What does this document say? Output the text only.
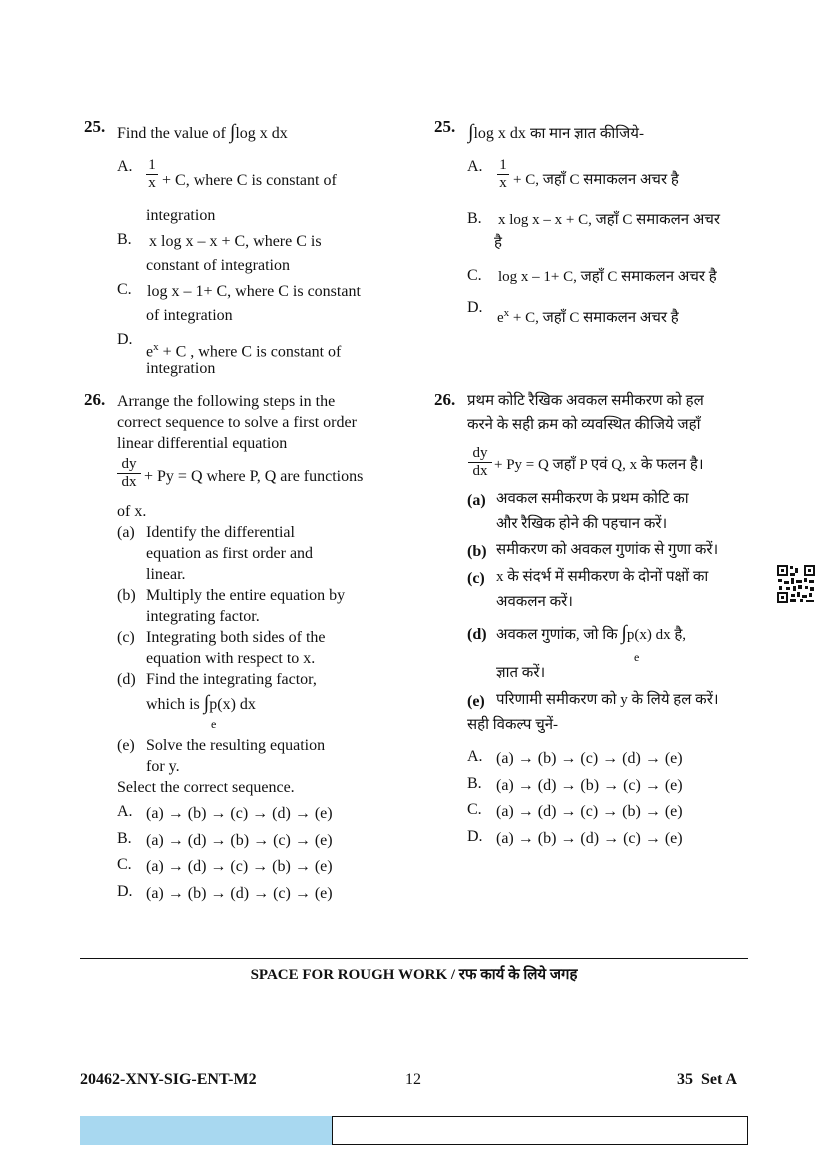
25. Find the value of ∫log x dx
A. $\frac{1}{x} + C$, where C is constant of
integration
B. x log x – x + C, where C is
constant of integration
C. log x – 1+ C, where C is constant
of integration
D.
$e^x + C$ , where C is constant of
integration
25. ∫log x dx का मान ज्ञात कीजिये-
A. $\frac{1}{x} + C$, जहाँ C समाकलन अचर है
B. x log x – x + C, जहाँ C समाकलन अचर
है
C. log x – 1+ C, जहाँ C समाकलन अचर है
D.
$e^x + C$, जहाँ C समाकलन अचर है
26. Arrange the following steps in the
correct sequence to solve a first order
linear differential equation
$\frac{dy}{dx} + Py = Q$ where P, Q are functions
of x.
(a) Identify the differential
equation as first order and
linear.
(b) Multiply the entire equation by
integrating factor.
(c) Integrating both sides of the
equation with respect to x.
(d) Find the integrating factor,
which is ∫p(x) dx
e
(e) Solve the resulting equation
for y.
Select the correct sequence.
A. (a) → (b) → (c) → (d) → (e)
B. (a) → (d) → (b) → (c) → (e)
C. (a) → (d) → (c) → (b) → (e)
D. (a) → (b) → (d) → (c) → (e)
26. प्रथम कोटि रैखिक अवकल समीकरण को हल
करने के सही क्रम को व्यवस्थित कीजिये जहाँ
$\frac{dy}{dx} + Py = Q$ जहाँ P एवं Q, x के फलन है।
(a) अवकल समीकरण के प्रथम कोटि का
और रैखिक होने की पहचान करें।
(b) समीकरण को अवकल गुणांक से गुणा करें।
(c) x के संदर्भ में समीकरण के दोनों पक्षों का
अवकलन करें।
(d) अवकल गुणांक, जो कि ∫p(x) dx है,
e
ज्ञात करें।
(e) परिणामी समीकरण को y के लिये हल करें।
सही विकल्प चुनें-
A. (a) → (b) → (c) → (d) → (e)
B. (a) → (d) → (b) → (c) → (e)
C. (a) → (d) → (c) → (b) → (e)
D. (a) → (b) → (d) → (c) → (e)
SPACE FOR ROUGH WORK / रफ कार्य के लिये जगह
20462-XNY-SIG-ENT-M2	12	35 Set A
